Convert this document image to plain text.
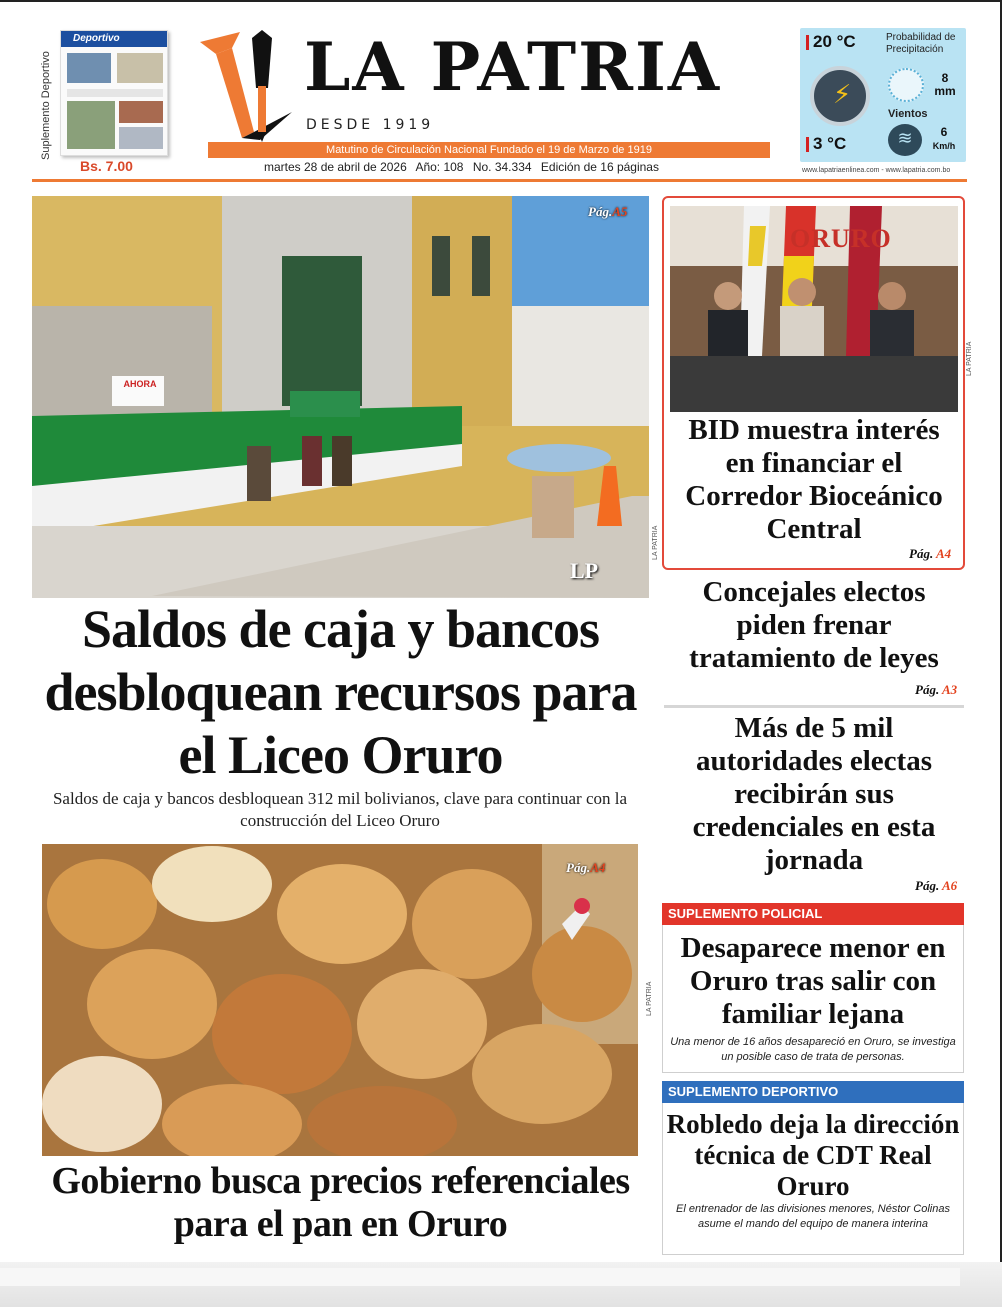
Suplemento Deportivo
Deportivo
Bs. 7.00
LA PATRIA
DESDE 1919
Matutino de Circulación Nacional Fundado el 19 de Marzo de 1919
martes 28 de abril de 2026 Año: 108 No. 34.334 Edición de 16 páginas
20 °C
⚡
3 °C
Probabilidad de Precipitación
8
mm
Vientos
≋	6
Km/h
www.lapatriaenlinea.com - www.lapatria.com.bo
Pág.A5
AHORA
LP
LA PATRIA
Saldos de caja y bancos desbloquean recursos para el Liceo Oruro
Saldos de caja y bancos desbloquean 312 mil bolivianos, clave para continuar con la construcción del Liceo Oruro
Pág.A4
LA PATRIA
Gobierno busca precios referenciales para el pan en Oruro
ORURO
LA PATRIA
BID muestra interés en financiar el Corredor Bioceánico Central
Pág. A4
Concejales electos piden frenar tratamiento de leyes
Pág. A3
Más de 5 mil autoridades electas recibirán sus credenciales en esta jornada
Pág. A6
SUPLEMENTO POLICIAL
Desaparece menor en Oruro tras salir con familiar lejana
Una menor de 16 años desapareció en Oruro, se investiga un posible caso de trata de personas.
SUPLEMENTO DEPORTIVO
Robledo deja la dirección técnica de CDT Real Oruro
El entrenador de las divisiones menores, Néstor Colinas asume el mando del equipo de manera interina
